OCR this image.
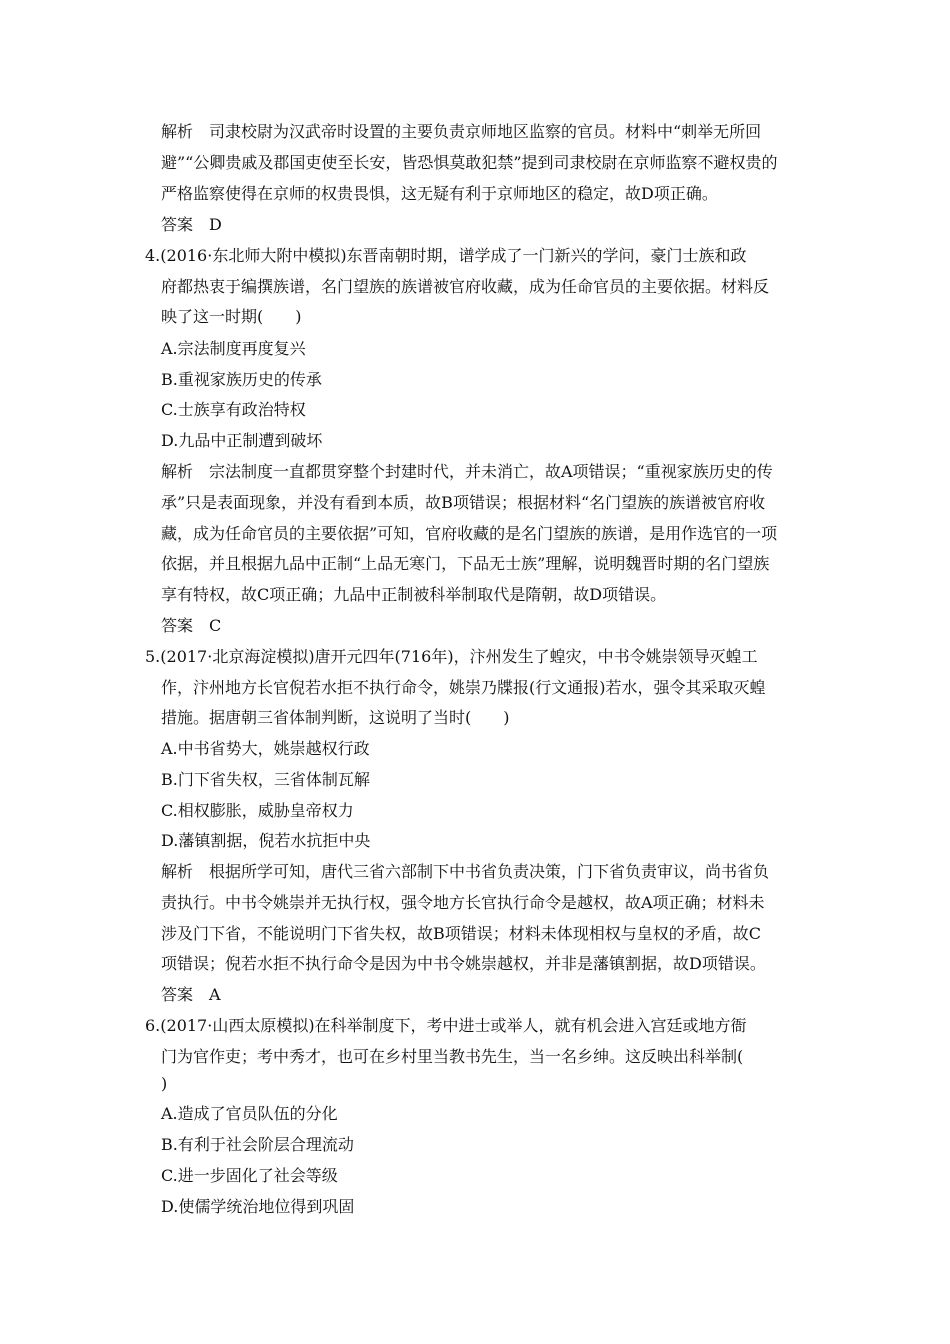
解析　司隶校尉为汉武帝时设置的主要负责京师地区监察的官员。材料中“刺举无所回
避”“公卿贵戚及郡国吏使至长安，皆恐惧莫敢犯禁”提到司隶校尉在京师监察不避权贵的
严格监察使得在京师的权贵畏惧，这无疑有利于京师地区的稳定，故D项正确。
答案　D
4.(2016·东北师大附中模拟)东晋南朝时期，谱学成了一门新兴的学问，豪门士族和政
府都热衷于编撰族谱，名门望族的族谱被官府收藏，成为任命官员的主要依据。材料反
映了这一时期(　　)
A.宗法制度再度复兴
B.重视家族历史的传承
C.士族享有政治特权
D.九品中正制遭到破坏
解析　宗法制度一直都贯穿整个封建时代，并未消亡，故A项错误；“重视家族历史的传
承”只是表面现象，并没有看到本质，故B项错误；根据材料“名门望族的族谱被官府收
藏，成为任命官员的主要依据”可知，官府收藏的是名门望族的族谱，是用作选官的一项
依据，并且根据九品中正制“上品无寒门，下品无士族”理解，说明魏晋时期的名门望族
享有特权，故C项正确；九品中正制被科举制取代是隋朝，故D项错误。
答案　C
5.(2017·北京海淀模拟)唐开元四年(716年)，汴州发生了蝗灾，中书令姚崇领导灭蝗工
作，汴州地方长官倪若水拒不执行命令，姚崇乃牒报(行文通报)若水，强令其采取灭蝗
措施。据唐朝三省体制判断，这说明了当时(　　)
A.中书省势大，姚崇越权行政
B.门下省失权，三省体制瓦解
C.相权膨胀，威胁皇帝权力
D.藩镇割据，倪若水抗拒中央
解析　根据所学可知，唐代三省六部制下中书省负责决策，门下省负责审议，尚书省负
责执行。中书令姚崇并无执行权，强令地方长官执行命令是越权，故A项正确；材料未
涉及门下省，不能说明门下省失权，故B项错误；材料未体现相权与皇权的矛盾，故C
项错误；倪若水拒不执行命令是因为中书令姚崇越权，并非是藩镇割据，故D项错误。
答案　A
6.(2017·山西太原模拟)在科举制度下，考中进士或举人，就有机会进入宫廷或地方衙
门为官作吏；考中秀才，也可在乡村里当教书先生，当一名乡绅。这反映出科举制(
)
A.造成了官员队伍的分化
B.有利于社会阶层合理流动
C.进一步固化了社会等级
D.使儒学统治地位得到巩固
